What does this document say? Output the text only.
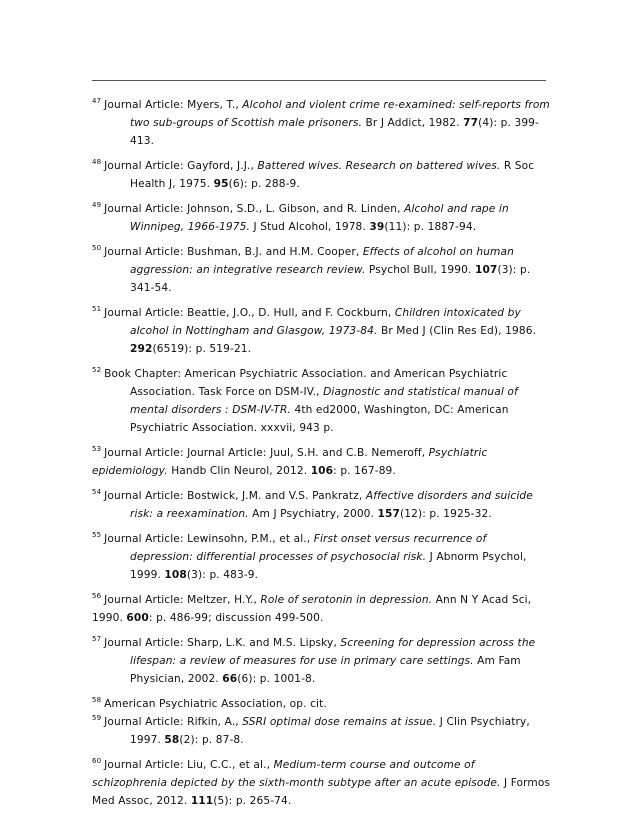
$^{47}$ Journal Article: Myers, T., Alcohol and violent crime re-examined: self-reports from two sub-groups of Scottish male prisoners. Br J Addict, 1982. 77(4): p. 399-413.

$^{48}$ Journal Article: Gayford, J.J., Battered wives. Research on battered wives. R Soc Health J, 1975. 95(6): p. 288-9.

$^{49}$ Journal Article: Johnson, S.D., L. Gibson, and R. Linden, Alcohol and rape in Winnipeg, 1966-1975. J Stud Alcohol, 1978. 39(11): p. 1887-94.

$^{50}$ Journal Article: Bushman, B.J. and H.M. Cooper, Effects of alcohol on human aggression: an integrative research review. Psychol Bull, 1990. 107(3): p. 341-54.

$^{51}$ Journal Article: Beattie, J.O., D. Hull, and F. Cockburn, Children intoxicated by alcohol in Nottingham and Glasgow, 1973-84. Br Med J (Clin Res Ed), 1986. 292(6519): p. 519-21.

$^{52}$ Book Chapter: American Psychiatric Association. and American Psychiatric Association. Task Force on DSM-IV., Diagnostic and statistical manual of mental disorders : DSM-IV-TR. 4th ed2000, Washington, DC: American Psychiatric Association. xxxvii, 943 p.

$^{53}$ Journal Article: Journal Article: Juul, S.H. and C.B. Nemeroff, Psychiatric epidemiology. Handb Clin Neurol, 2012. 106: p. 167-89.

$^{54}$ Journal Article: Bostwick, J.M. and V.S. Pankratz, Affective disorders and suicide risk: a reexamination. Am J Psychiatry, 2000. 157(12): p. 1925-32.

$^{55}$ Journal Article: Lewinsohn, P.M., et al., First onset versus recurrence of depression: differential processes of psychosocial risk. J Abnorm Psychol, 1999. 108(3): p. 483-9.

$^{56}$ Journal Article: Meltzer, H.Y., Role of serotonin in depression. Ann N Y Acad Sci, 1990. 600: p. 486-99; discussion 499-500.

$^{57}$ Journal Article: Sharp, L.K. and M.S. Lipsky, Screening for depression across the lifespan: a review of measures for use in primary care settings. Am Fam Physician, 2002. 66(6): p. 1001-8.

$^{58}$ American Psychiatric Association, op. cit.

$^{59}$ Journal Article: Rifkin, A., SSRI optimal dose remains at issue. J Clin Psychiatry, 1997. 58(2): p. 87-8.

$^{60}$ Journal Article: Liu, C.C., et al., Medium-term course and outcome of schizophrenia depicted by the sixth-month subtype after an acute episode. J Formos Med Assoc, 2012. 111(5): p. 265-74.
